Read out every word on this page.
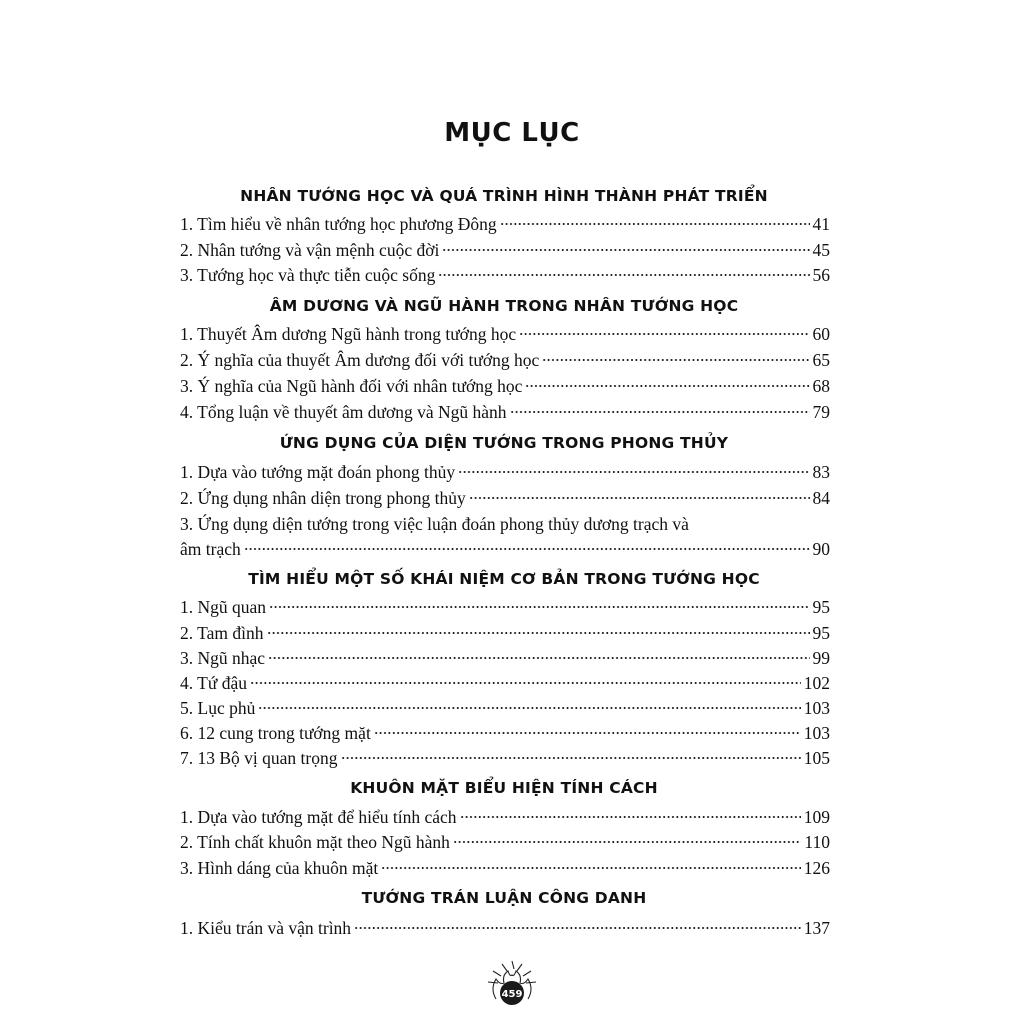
MỤC LỤC
NHÂN TƯỚNG HỌC VÀ QUÁ TRÌNH HÌNH THÀNH PHÁT TRIỂN
1. Tìm hiểu về nhân tướng học phương Đông	41
2. Nhân tướng và vận mệnh cuộc đời	45
3. Tướng học và thực tiễn cuộc sống	56
ÂM DƯƠNG VÀ NGŨ HÀNH TRONG NHÂN TƯỚNG HỌC
1. Thuyết Âm dương Ngũ hành trong tướng học	60
2. Ý nghĩa của thuyết Âm dương đối với tướng học	65
3. Ý nghĩa của Ngũ hành đối với nhân tướng học	68
4. Tổng luận về thuyết âm dương và Ngũ hành	79
ỨNG DỤNG CỦA DIỆN TƯỚNG TRONG PHONG THỦY
1. Dựa vào tướng mặt đoán phong thủy	83
2. Ứng dụng nhân diện trong phong thủy	84
3. Ứng dụng diện tướng trong việc luận đoán phong thủy dương trạch và
âm trạch	90
TÌM HIỂU MỘT SỐ KHÁI NIỆM CƠ BẢN TRONG TƯỚNG HỌC
1. Ngũ quan	95
2. Tam đình	95
3. Ngũ nhạc	99
4. Tứ đậu	102
5. Lục phủ	103
6. 12 cung trong tướng mặt	103
7. 13 Bộ vị quan trọng	105
KHUÔN MẶT BIỂU HIỆN TÍNH CÁCH
1. Dựa vào tướng mặt để hiểu tính cách	109
2. Tính chất khuôn mặt theo Ngũ hành	110
3. Hình dáng của khuôn mặt	126
TƯỚNG TRÁN LUẬN CÔNG DANH
1. Kiểu trán và vận trình	137
459
